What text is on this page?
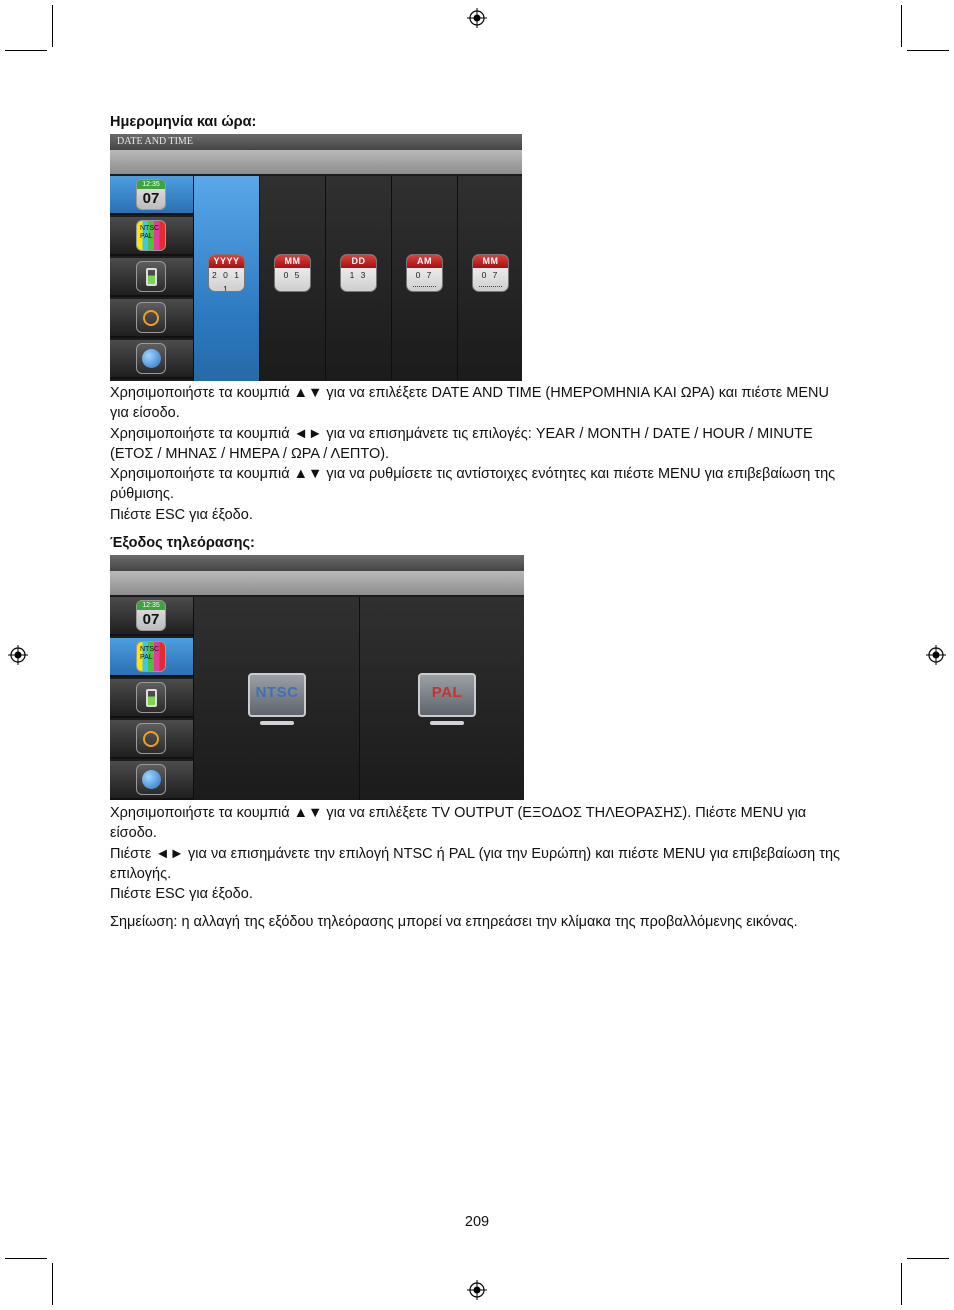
Ημερομηνία και ώρα:
DATE AND TIME
12:35
07
NTSC
PAL
YYYY
2 0 1 1
MM
0 5
DD
1 3
AM
0 7
MM
0 7

Χρησιμοποιήστε τα κουμπιά ▲▼ για να επιλέξετε DATE AND TIME (ΗΜΕΡΟΜΗΝΙΑ ΚΑΙ ΩΡΑ) και πιέστε MENU για είσοδο.

Χρησιμοποιήστε τα κουμπιά ◄► για να επισημάνετε τις επιλογές: YEAR / MONTH / DATE / HOUR / MINUTE (ΕΤΟΣ / ΜΗΝΑΣ / ΗΜΕΡΑ / ΩΡΑ / ΛΕΠΤΟ).

Χρησιμοποιήστε τα κουμπιά ▲▼ για να ρυθμίσετε τις αντίστοιχες ενότητες και πιέστε MENU για επιβεβαίωση της ρύθμισης.

Πιέστε ESC για έξοδο.

Έξοδος τηλεόρασης:
12:35
07
NTSC
PAL
NTSC	PAL

Χρησιμοποιήστε τα κουμπιά ▲▼ για να επιλέξετε TV OUTPUT (ΕΞΟΔΟΣ ΤΗΛΕΟΡΑΣΗΣ). Πιέστε MENU για είσοδο.

Πιέστε ◄► για να επισημάνετε την επιλογή NTSC ή PAL (για την Ευρώπη) και πιέστε MENU για επιβεβαίωση της επιλογής.

Πιέστε ESC για έξοδο.

Σημείωση: η αλλαγή της εξόδου τηλεόρασης μπορεί να επηρεάσει την κλίμακα της προβαλλόμενης εικόνας.
209
